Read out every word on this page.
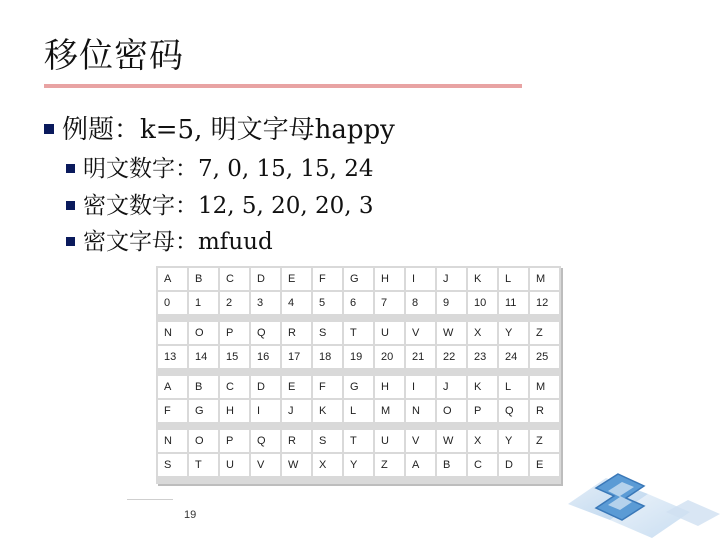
移位密码
例题：k=5, 明文字母happy
明文数字：7, 0, 15, 15, 24
密文数字：12, 5, 20, 20, 3
密文字母：mfuud
A	B	C	D	E	F	G	H	I	J	K	L	M
0	1	2	3	4	5	6	7	8	9	10	11	12

N	O	P	Q	R	S	T	U	V	W	X	Y	Z
13	14	15	16	17	18	19	20	21	22	23	24	25

A	B	C	D	E	F	G	H	I	J	K	L	M
F	G	H	I	J	K	L	M	N	O	P	Q	R

N	O	P	Q	R	S	T	U	V	W	X	Y	Z
S	T	U	V	W	X	Y	Z	A	B	C	D	E
19
